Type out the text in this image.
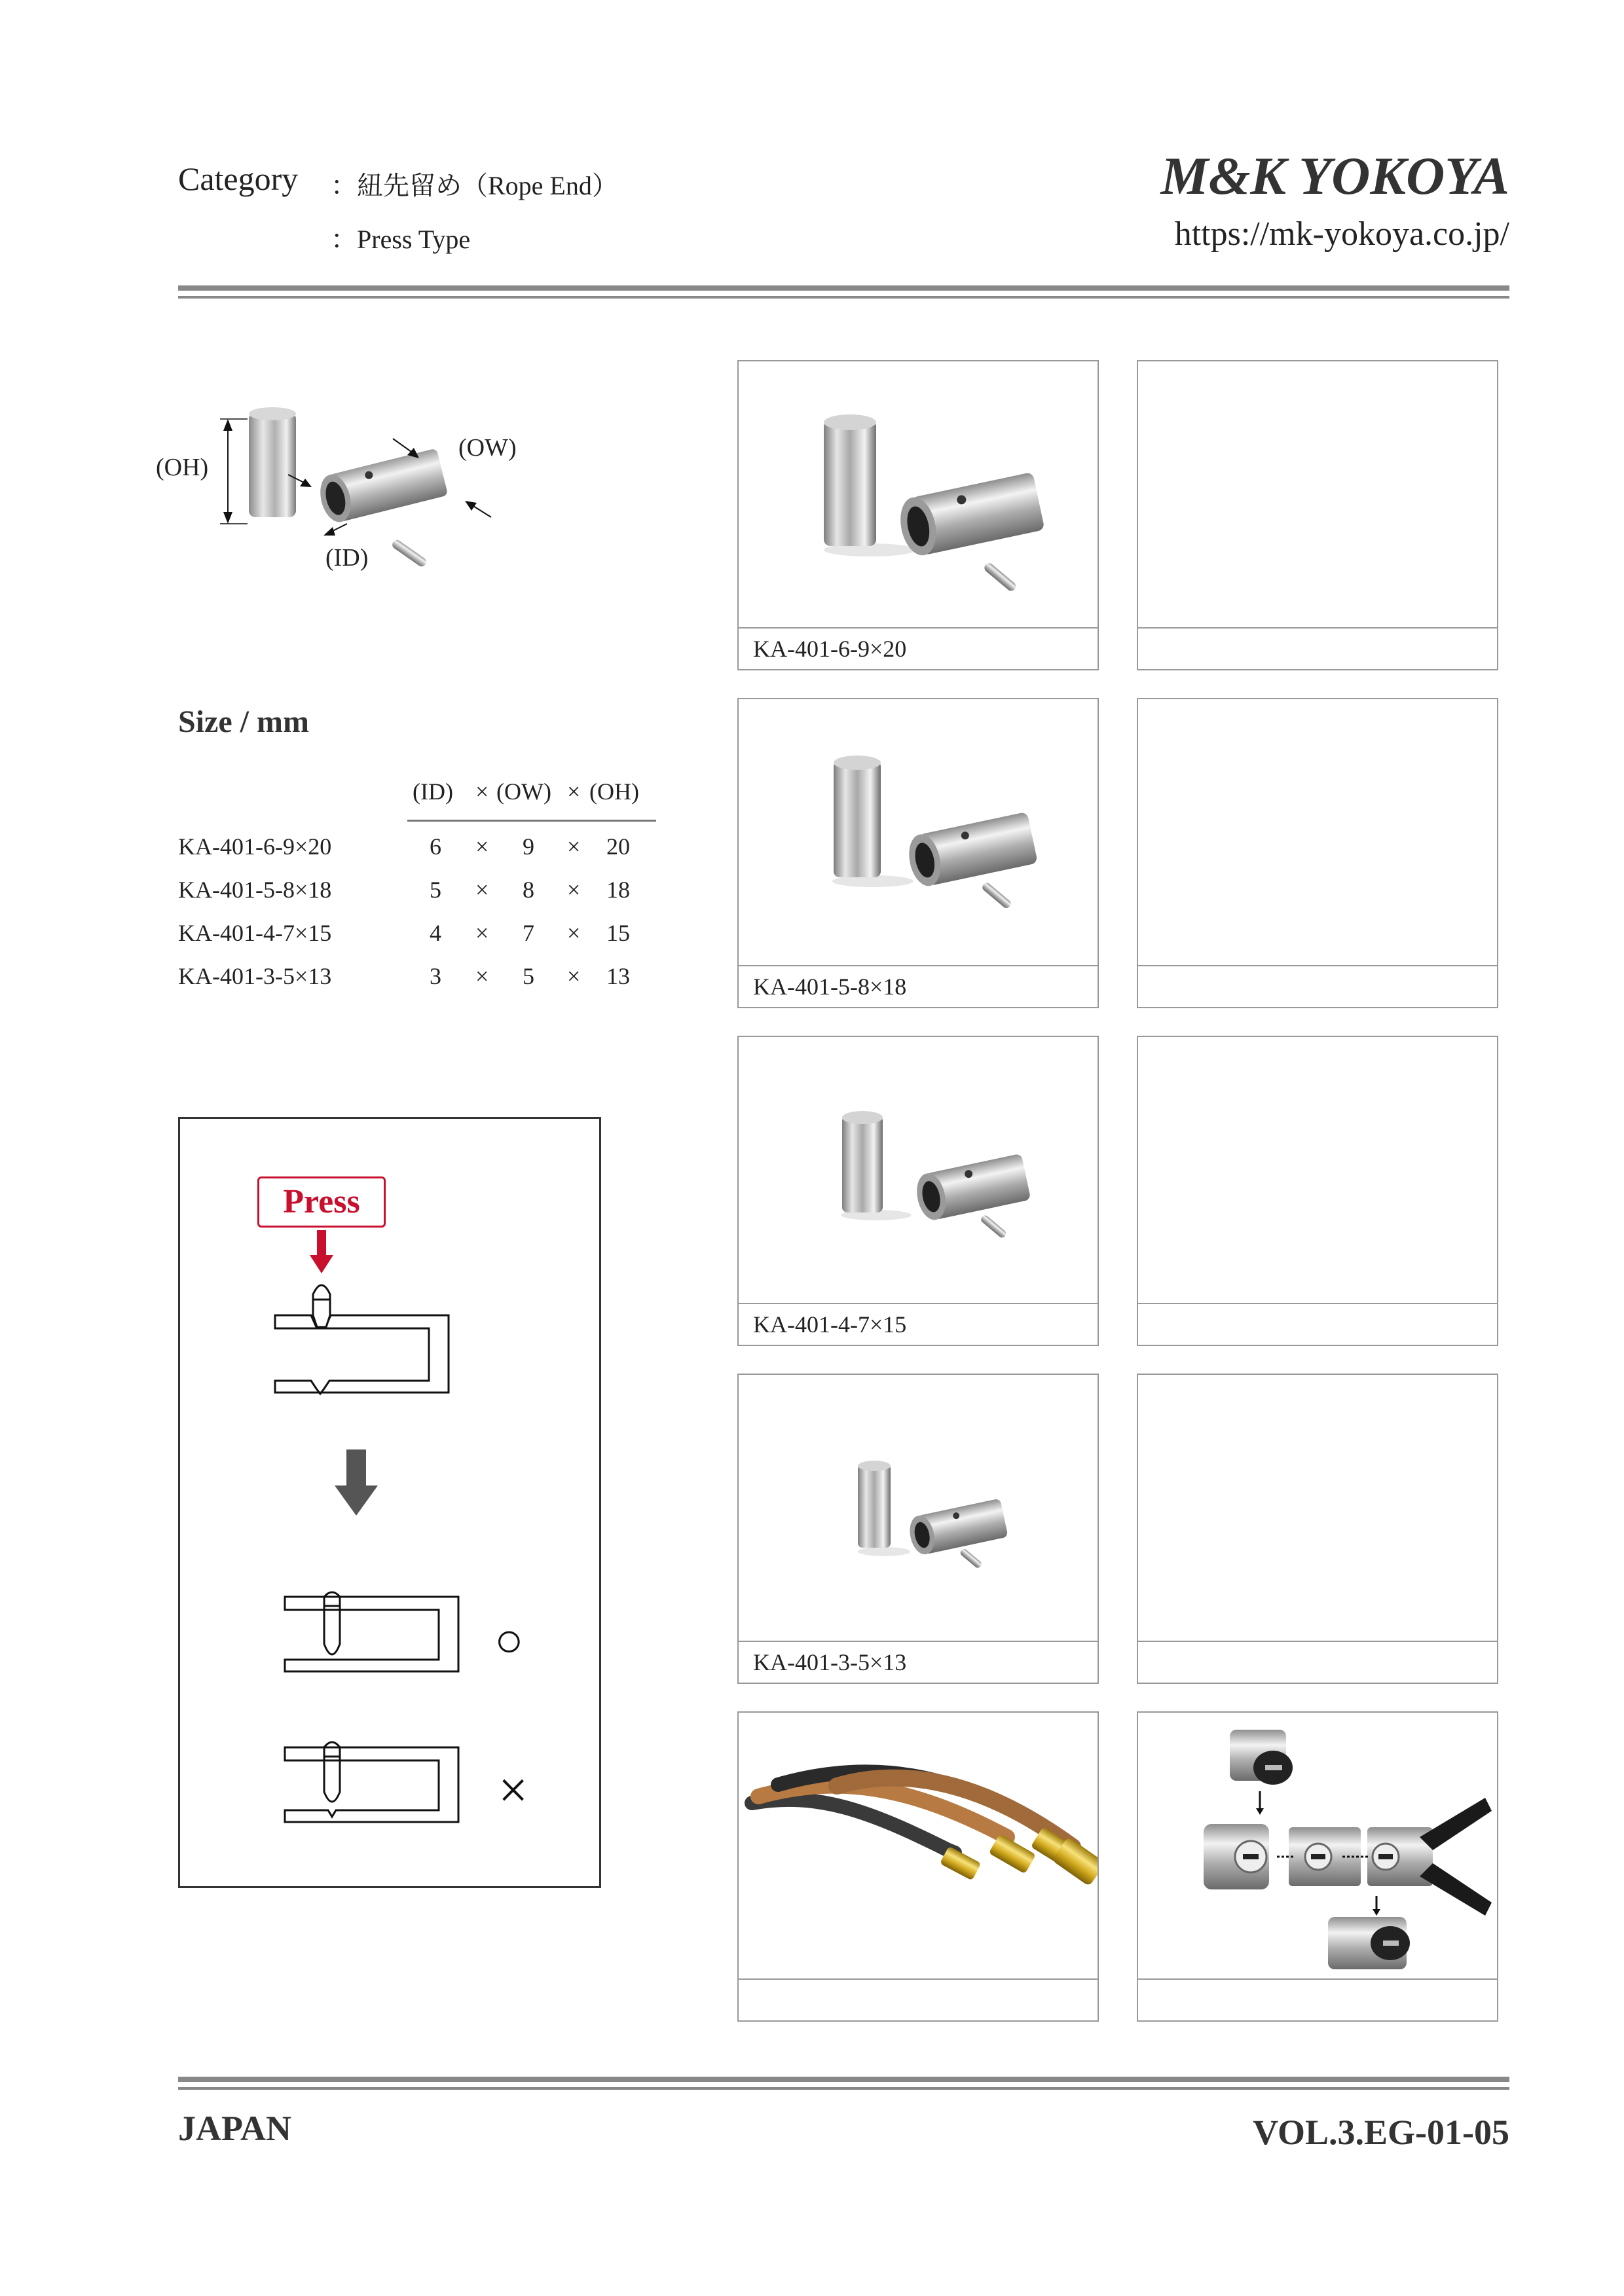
Category ：紐先留め（Rope End）
：Press Type
M&K YOKOYA
https://mk-yokoya.co.jp/
(OH)
(OW)
(ID)
Size / mm
(ID) × (OW) × (OH)
KA-401-6-9×20	6 × 9 × 20
KA-401-5-8×18	5 × 8 × 18
KA-401-4-7×15	4 × 7 × 15
KA-401-3-5×13	3 × 5 × 13
Press
○
×
KA-401-6-9×20
KA-401-5-8×18
KA-401-4-7×15
KA-401-3-5×13
JAPAN	VOL.3.EG-01-05
